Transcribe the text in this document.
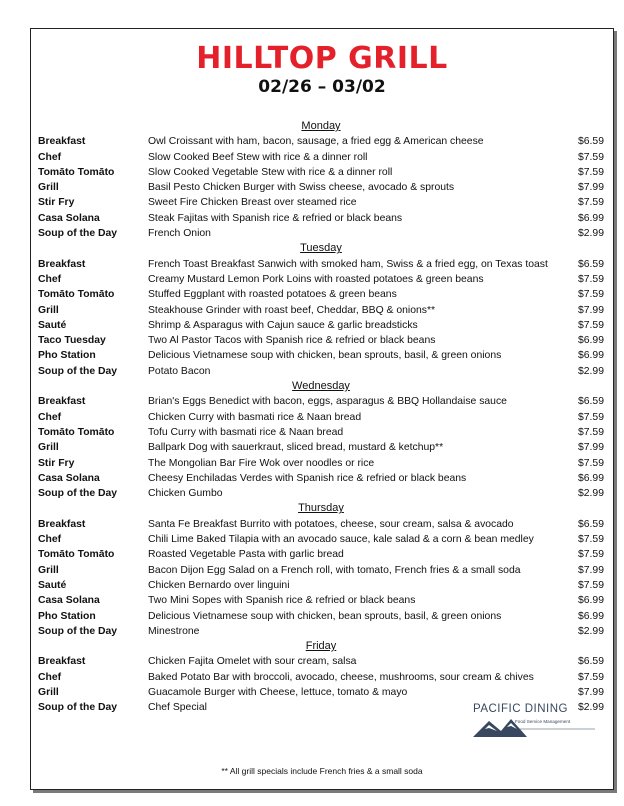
HILLTOP GRILL
02/26 – 03/02
Monday
Breakfast	Owl Croissant with ham, bacon, sausage, a fried egg & American cheese	$6.59
Chef	Slow Cooked Beef Stew with rice & a dinner roll	$7.59
Tomāto Tomāto	Slow Cooked Vegetable Stew with rice & a dinner roll	$7.59
Grill	Basil Pesto Chicken Burger with Swiss cheese, avocado & sprouts	$7.99
Stir Fry	Sweet Fire Chicken Breast over steamed rice	$7.59
Casa Solana	Steak Fajitas with Spanish rice & refried or black beans	$6.99
Soup of the Day	French Onion	$2.99
Tuesday
Breakfast	French Toast Breakfast Sanwich with smoked ham, Swiss & a fried egg, on Texas toast	$6.59
Chef	Creamy Mustard Lemon Pork Loins with roasted potatoes & green beans	$7.59
Tomāto Tomāto	Stuffed Eggplant with roasted potatoes & green beans	$7.59
Grill	Steakhouse Grinder with roast beef, Cheddar, BBQ & onions**	$7.99
Sauté	Shrimp & Asparagus with Cajun sauce & garlic breadsticks	$7.59
Taco Tuesday	Two Al Pastor Tacos with Spanish rice & refried or black beans	$6.99
Pho Station	Delicious Vietnamese soup with chicken, bean sprouts, basil, & green onions	$6.99
Soup of the Day	Potato Bacon	$2.99
Wednesday
Breakfast	Brian's Eggs Benedict with bacon, eggs, asparagus & BBQ Hollandaise sauce	$6.59
Chef	Chicken Curry with basmati rice & Naan bread	$7.59
Tomāto Tomāto	Tofu Curry with basmati rice & Naan bread	$7.59
Grill	Ballpark Dog with sauerkraut, sliced bread, mustard & ketchup**	$7.99
Stir Fry	The Mongolian Bar Fire Wok over noodles or rice	$7.59
Casa Solana	Cheesy Enchiladas Verdes with Spanish rice & refried or black beans	$6.99
Soup of the Day	Chicken Gumbo	$2.99
Thursday
Breakfast	Santa Fe Breakfast Burrito with potatoes, cheese, sour cream, salsa & avocado	$6.59
Chef	Chili Lime Baked Tilapia with an avocado sauce, kale salad & a corn & bean medley	$7.59
Tomāto Tomāto	Roasted Vegetable Pasta with garlic bread	$7.59
Grill	Bacon Dijon Egg Salad on a French roll, with tomato, French fries & a small soda	$7.99
Sauté	Chicken Bernardo over linguini	$7.59
Casa Solana	Two Mini Sopes with Spanish rice & refried or black beans	$6.99
Pho Station	Delicious Vietnamese soup with chicken, bean sprouts, basil, & green onions	$6.99
Soup of the Day	Minestrone	$2.99
Friday
Breakfast	Chicken Fajita Omelet with sour cream, salsa	$6.59
Chef	Baked Potato Bar with broccoli, avocado, cheese, mushrooms, sour cream & chives	$7.59
Grill	Guacamole Burger with Cheese, lettuce, tomato & mayo	$7.99
Soup of the Day	Chef Special	$2.99
PACIFIC DINING
Food Service Management
** All grill specials include French fries & a small soda
